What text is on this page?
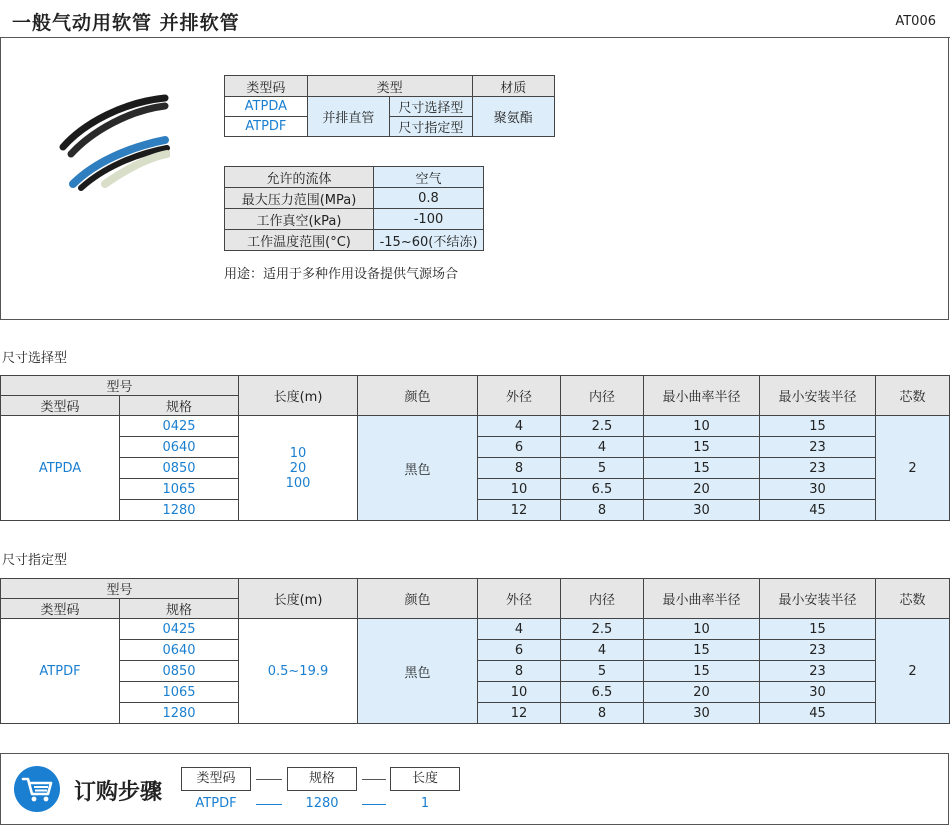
一般气动用软管 并排软管	AT006
类型码	类型		材质
ATPDA	并排直管	尺寸选择型	聚氨酯
ATPDF		尺寸指定型	
允许的流体	空气
最大压力范围(MPa)	0.8
工作真空(kPa)	-100
工作温度范围(°C)	-15~60(不结冻)
用途：适用于多种作用设备提供气源场合
尺寸选择型
型号		长度(m)	颜色	外径	内径	最小曲率半径	最小安装半径	芯数
类型码	规格							
ATPDA	0425	10
20
100	黑色	4	2.5	10	15	2
	0640			6	4	15	23	
	0850			8	5	15	23	
	1065			10	6.5	20	30	
	1280			12	8	30	45	
尺寸指定型
型号		长度(m)	颜色	外径	内径	最小曲率半径	最小安装半径	芯数
类型码	规格							
ATPDF	0425	0.5~19.9	黑色	4	2.5	10	15	2
	0640			6	4	15	23	
	0850			8	5	15	23	
	1065			10	6.5	20	30	
	1280			12	8	30	45	
订购步骤
类型码	规格	长度
ATPDF	1280	1
